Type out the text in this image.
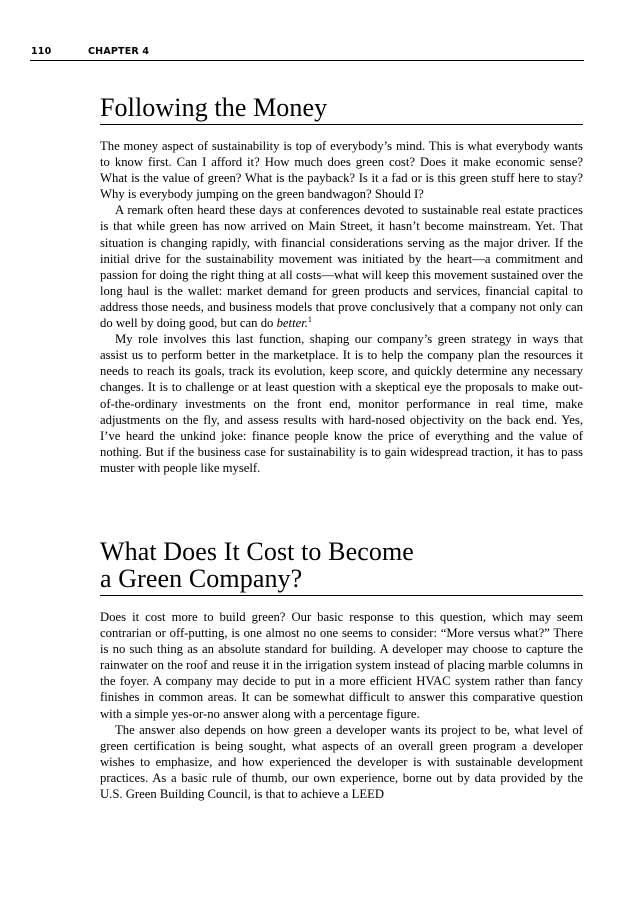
110	CHAPTER 4
Following the Money

The money aspect of sustainability is top of everybody’s mind. This is what everybody wants to know first. Can I afford it? How much does green cost? Does it make economic sense? What is the value of green? What is the payback? Is it a fad or is this green stuff here to stay? Why is everybody jumping on the green bandwagon? Should I?

A remark often heard these days at conferences devoted to sustainable real estate practices is that while green has now arrived on Main Street, it hasn’t become mainstream. Yet. That situation is changing rapidly, with financial considerations serving as the major driver. If the initial drive for the sustainability movement was initiated by the heart—a commitment and passion for doing the right thing at all costs—what will keep this movement sustained over the long haul is the wallet: market demand for green products and services, financial capital to address those needs, and business models that prove conclusively that a company not only can do well by doing good, but can do better.$^1$

My role involves this last function, shaping our company’s green strategy in ways that assist us to perform better in the marketplace. It is to help the company plan the resources it needs to reach its goals, track its evolution, keep score, and quickly determine any necessary changes. It is to challenge or at least question with a skeptical eye the proposals to make out-of-the-ordinary investments on the front end, monitor performance in real time, make adjustments on the fly, and assess results with hard-nosed objectivity on the back end. Yes, I’ve heard the unkind joke: finance people know the price of everything and the value of nothing. But if the business case for sustainability is to gain widespread traction, it has to pass muster with people like myself.

What Does It Cost to Become
a Green Company?

Does it cost more to build green? Our basic response to this question, which may seem contrarian or off-putting, is one almost no one seems to consider: “More versus what?” There is no such thing as an absolute standard for building. A developer may choose to capture the rainwater on the roof and reuse it in the irrigation system instead of placing marble columns in the foyer. A company may decide to put in a more efficient HVAC system rather than fancy finishes in common areas. It can be somewhat difficult to answer this comparative question with a simple yes-or-no answer along with a percentage figure.

The answer also depends on how green a developer wants its project to be, what level of green certification is being sought, what aspects of an overall green program a developer wishes to emphasize, and how experienced the developer is with sustainable development practices. As a basic rule of thumb, our own experience, borne out by data provided by the U.S. Green Building Council, is that to achieve a LEED
